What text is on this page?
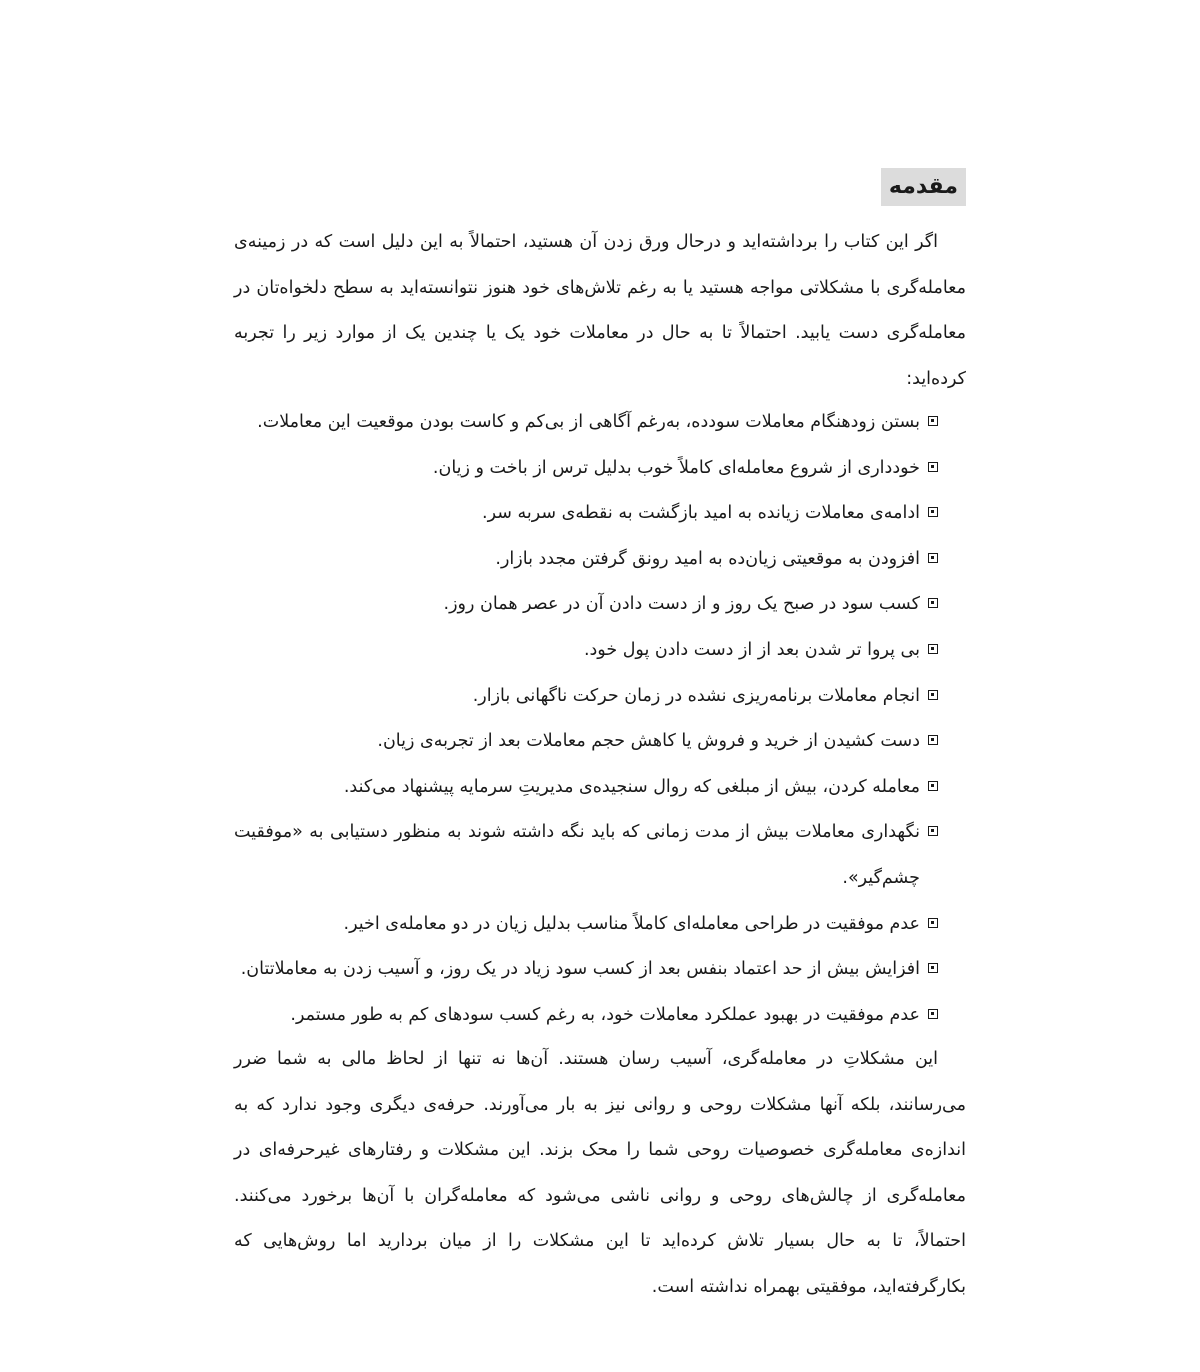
مقدمه

اگر این کتاب را برداشته‌اید و درحال ورق زدن آن هستید، احتمالاً به این دلیل است که در زمینه‌ی معامله‌گری با مشکلاتی مواجه هستید یا به رغم تلاش‌های خود هنوز نتوانسته‌اید به سطح دلخواه‌تان در معامله‌گری دست یابید. احتمالاً تا به حال در معاملات خود یک یا چندین یک از موارد زیر را تجربه کرده‌اید:

بستن زودهنگام معاملات سودده، به‌رغم آگاهی از بی‌کم و کاست بودن موقعیت این معاملات.
خودداری از شروع معامله‌ای کاملاً خوب بدلیل ترس از باخت و زیان.
ادامه‌ی معاملات زیانده به امید بازگشت به نقطه‌ی سربه سر.
افزودن به موقعیتی زیان‌ده به امید رونق گرفتن مجدد بازار.
کسب سود در صبح یک روز و از دست دادن آن در عصر همان روز.
بی پروا تر شدن بعد از از دست دادن پول خود.
انجام معاملات برنامه‌ریزی نشده در زمان حرکت ناگهانی بازار.
دست کشیدن از خرید و فروش یا کاهش حجم معاملات بعد از تجربه‌ی زیان.
معامله کردن، بیش از مبلغی که روال سنجیده‌ی مدیریتِ سرمایه پیشنهاد می‌کند.
نگهداری معاملات بیش از مدت زمانی که باید نگه داشته شوند به منظور دستیابی به «موفقیت چشم‌گیر».
عدم موفقیت در طراحی معامله‌ای کاملاً مناسب بدلیل زیان در دو معامله‌ی اخیر.
افزایش بیش از حد اعتماد بنفس بعد از کسب سود زیاد در یک روز، و آسیب زدن به معاملاتتان.
عدم موفقیت در بهبود عملکرد معاملات خود، به رغم کسب سودهای کم به طور مستمر.

این مشکلاتِ در معامله‌گری، آسیب رسان هستند. آن‌ها نه تنها از لحاظ مالی به شما ضرر می‌رسانند، بلکه آنها مشکلات روحی و روانی نیز به بار می‌آورند. حرفه‌ی دیگری وجود ندارد که به اندازه‌ی معامله‌گری خصوصیات روحی شما را محک بزند. این مشکلات و رفتارهای غیرحرفه‌ای در معامله‌گری از چالش‌های روحی و روانی ناشی می‌شود که معامله‌گران با آن‌ها برخورد می‌کنند. احتمالاً، تا به حال بسیار تلاش کرده‌اید تا این مشکلات را از میان بردارید اما روش‌هایی که بکارگرفته‌اید، موفقیتی بهمراه نداشته است.
